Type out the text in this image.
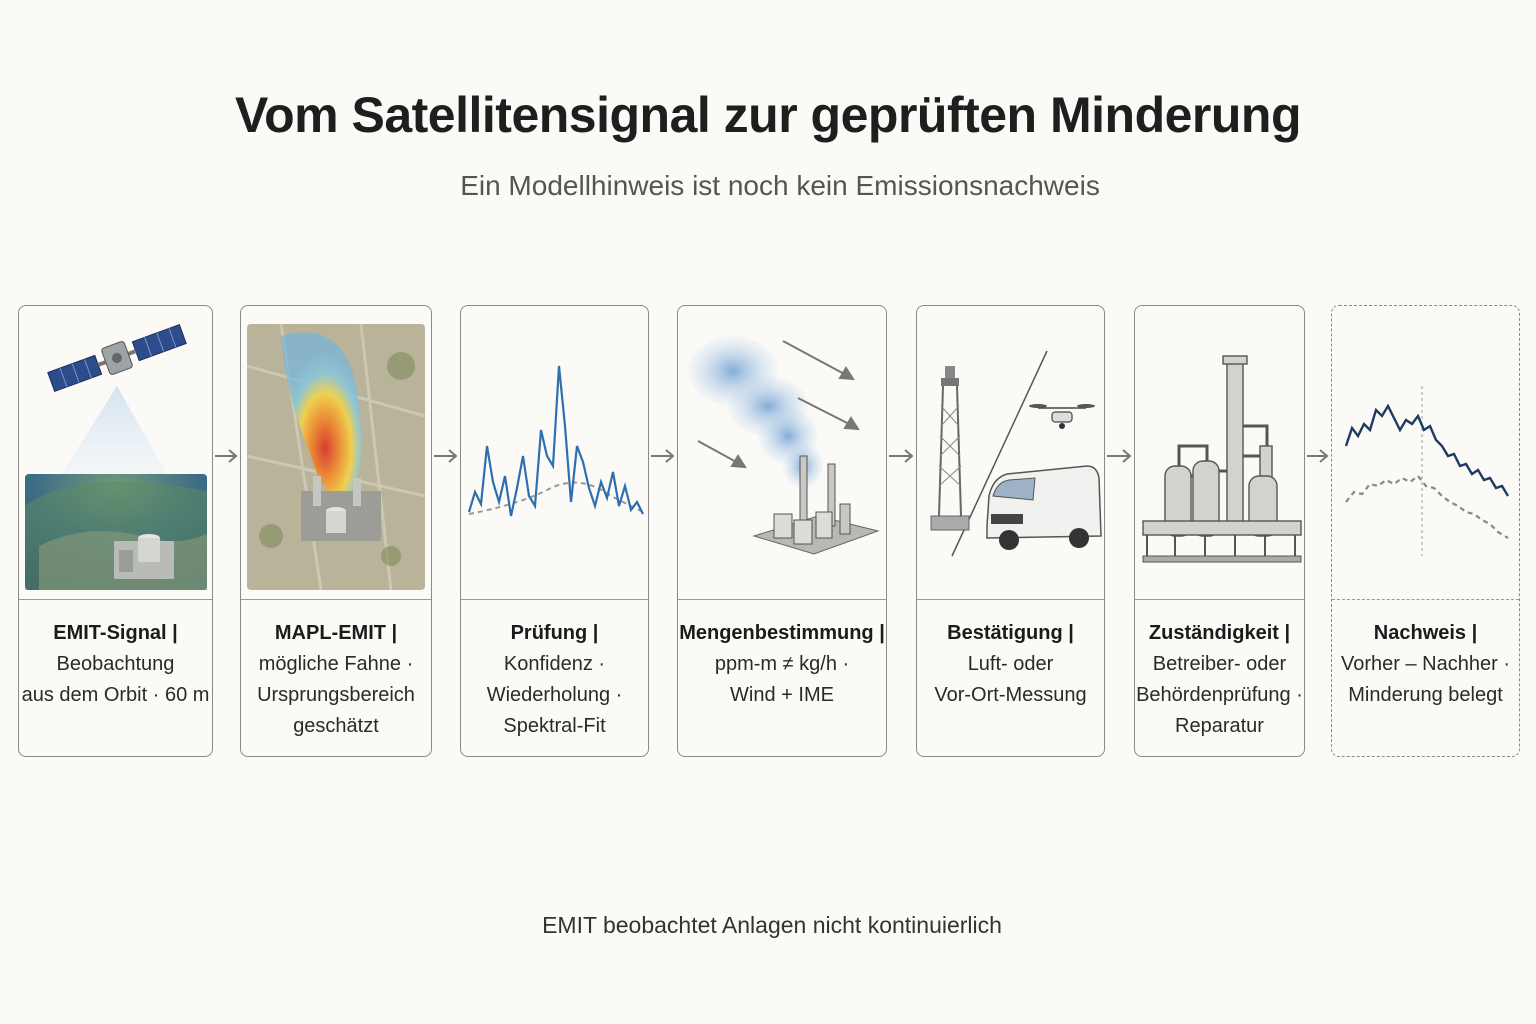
Vom Satellitensignal zur geprüften Minderung
Ein Modellhinweis ist noch kein Emissionsnachweis
EMIT-Signal |
Beobachtung
aus dem Orbit · 60 m
MAPL-EMIT |
mögliche Fahne ·
Ursprungsbereich
geschätzt
Prüfung |
Konfidenz ·
Wiederholung ·
Spektral-Fit
Mengenbestimmung |
ppm-m ≠ kg/h ·
Wind + IME
Bestätigung |
Luft- oder
Vor-Ort-Messung
Zuständigkeit |
Betreiber- oder
Behördenprüfung ·
Reparatur
Nachweis |
Vorher – Nachher ·
Minderung belegt
EMIT beobachtet Anlagen nicht kontinuierlich
